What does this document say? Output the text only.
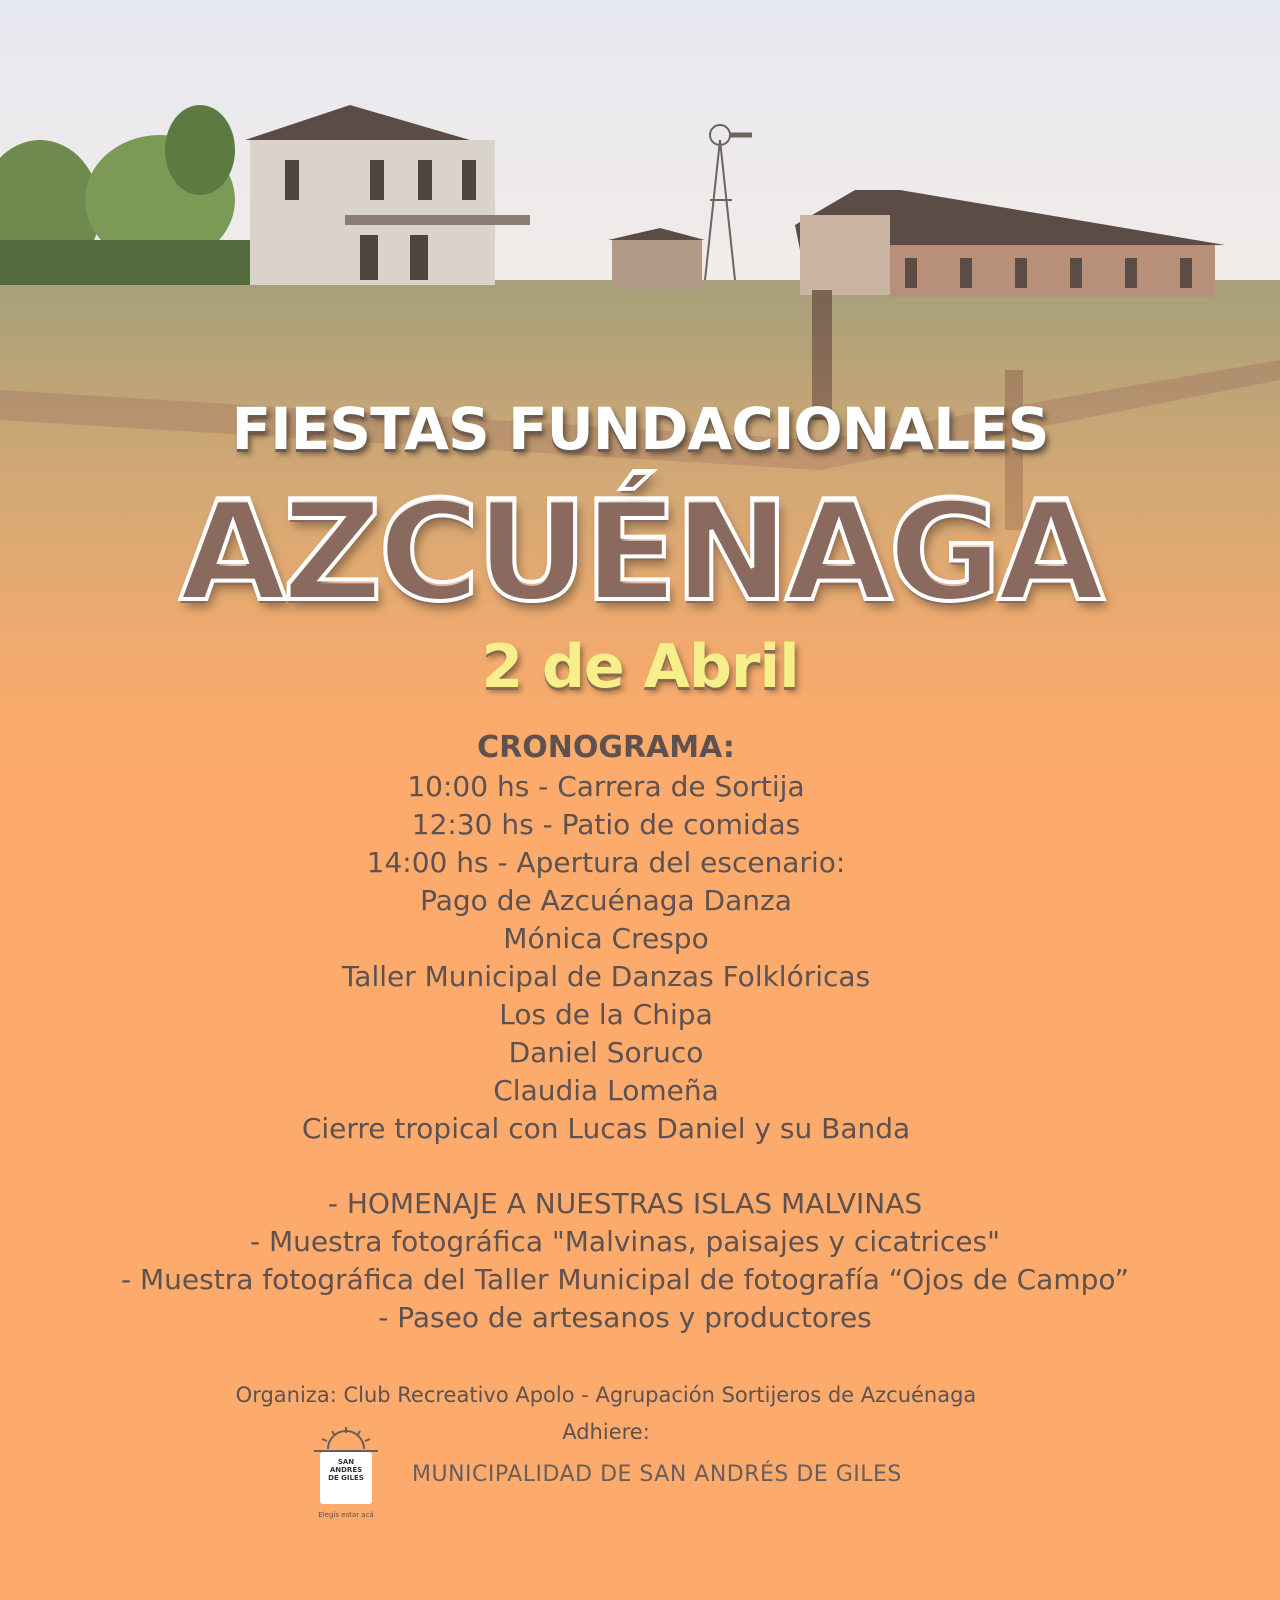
FIESTAS FUNDACIONALES
AZCUÉNAGA
2 de Abril
CRONOGRAMA:
10:00 hs - Carrera de Sortija
12:30 hs - Patio de comidas
14:00 hs - Apertura del escenario:
Pago de Azcuénaga Danza
Mónica Crespo
Taller Municipal de Danzas Folklóricas
Los de la Chipa
Daniel Soruco
Claudia Lomeña
Cierre tropical con Lucas Daniel y su Banda
- HOMENAJE A NUESTRAS ISLAS MALVINAS
- Muestra fotográfica "Malvinas, paisajes y cicatrices"
- Muestra fotográfica del Taller Municipal de fotografía “Ojos de Campo”
- Paseo de artesanos y productores
Organiza: Club Recreativo Apolo - Agrupación Sortijeros de Azcuénaga
Adhiere:
SAN
ANDRÉS
DE GILES
Elegís estar acá
MUNICIPALIDAD DE SAN ANDRÉS DE GILES
